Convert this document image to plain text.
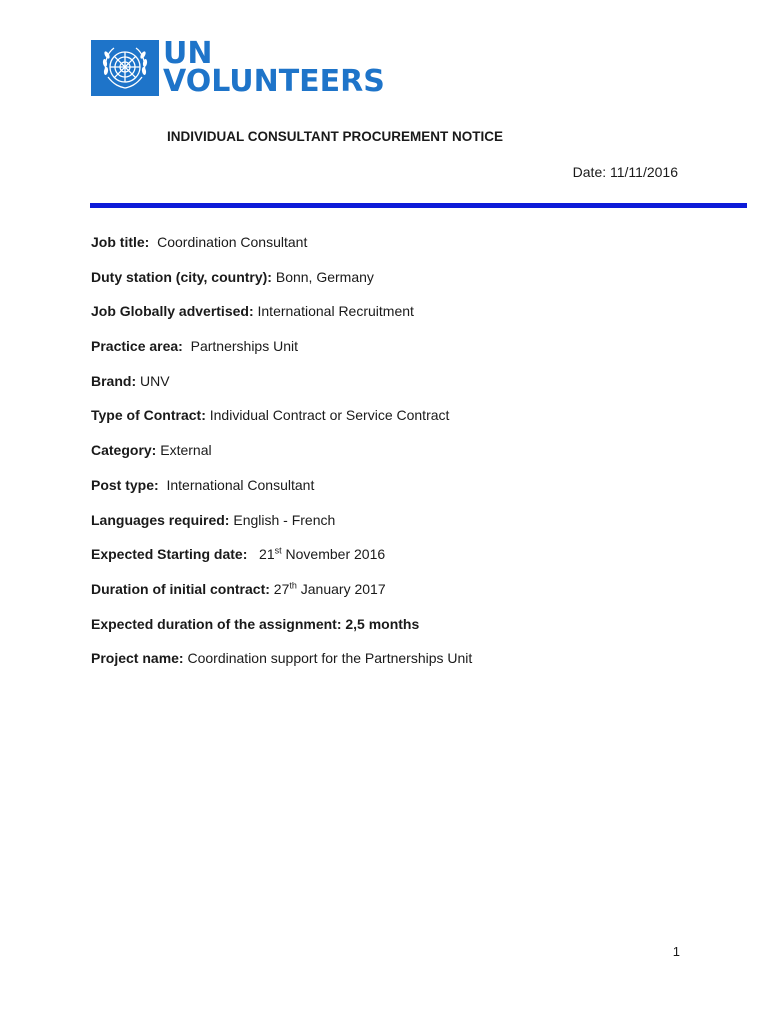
UN
VOLUNTEERS
INDIVIDUAL CONSULTANT PROCUREMENT NOTICE
Date: 11/11/2016
Job title: Coordination Consultant
Duty station (city, country): Bonn, Germany
Job Globally advertised: International Recruitment
Practice area: Partnerships Unit
Brand: UNV
Type of Contract: Individual Contract or Service Contract
Category: External
Post type: International Consultant
Languages required: English - French
Expected Starting date: 21st November 2016
Duration of initial contract: 27th January 2017
Expected duration of the assignment: 2,5 months
Project name: Coordination support for the Partnerships Unit
1
